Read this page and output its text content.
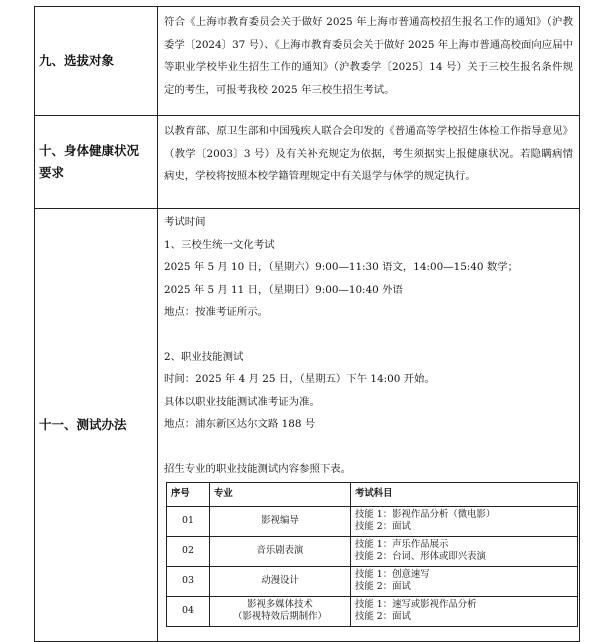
九、选拔对象

符合《上海市教育委员会关于做好 2025 年上海市普通高校招生报名工作的通知》（沪教委学〔2024〕37 号）、《上海市教育委员会关于做好 2025 年上海市普通高校面向应届中等职业学校毕业生招生工作的通知》（沪教委学〔2025〕14 号）关于三校生报名条件规定的考生，可报考我校 2025 年三校生招生考试。

十、身体健康状况
要求

以教育部、原卫生部和中国残疾人联合会印发的《普通高等学校招生体检工作指导意见》（教学〔2003〕3 号）及有关补充规定为依据，考生须据实上报健康状况。若隐瞒病情病史，学校将按照本校学籍管理规定中有关退学与休学的规定执行。

十一、测试办法
考试时间
1、三校生统一文化考试
2025 年 5 月 10 日，（星期六）9:00—11:30 语文，14:00—15:40 数学；
2025 年 5 月 11 日，（星期日）9:00—10:40 外语
地点：按准考证所示。
2、职业技能测试
时间：2025 年 4 月 25 日，（星期五）下午 14:00 开始。
具体以职业技能测试准考证为准。
地点：浦东新区达尔文路 188 号
招生专业的职业技能测试内容参照下表。
序号	专业	考试科目
01	影视编导	技能 1：影视作品分析（微电影）
技能 2：面试

02	音乐剧表演	技能 1：声乐作品展示
技能 2：台词、形体或即兴表演

03	动漫设计	技能 1：创意速写
技能 2：面试

04	影视多媒体技术
（影视特效后期制作）	技能 1：速写或影视作品分析
技能 2：面试
